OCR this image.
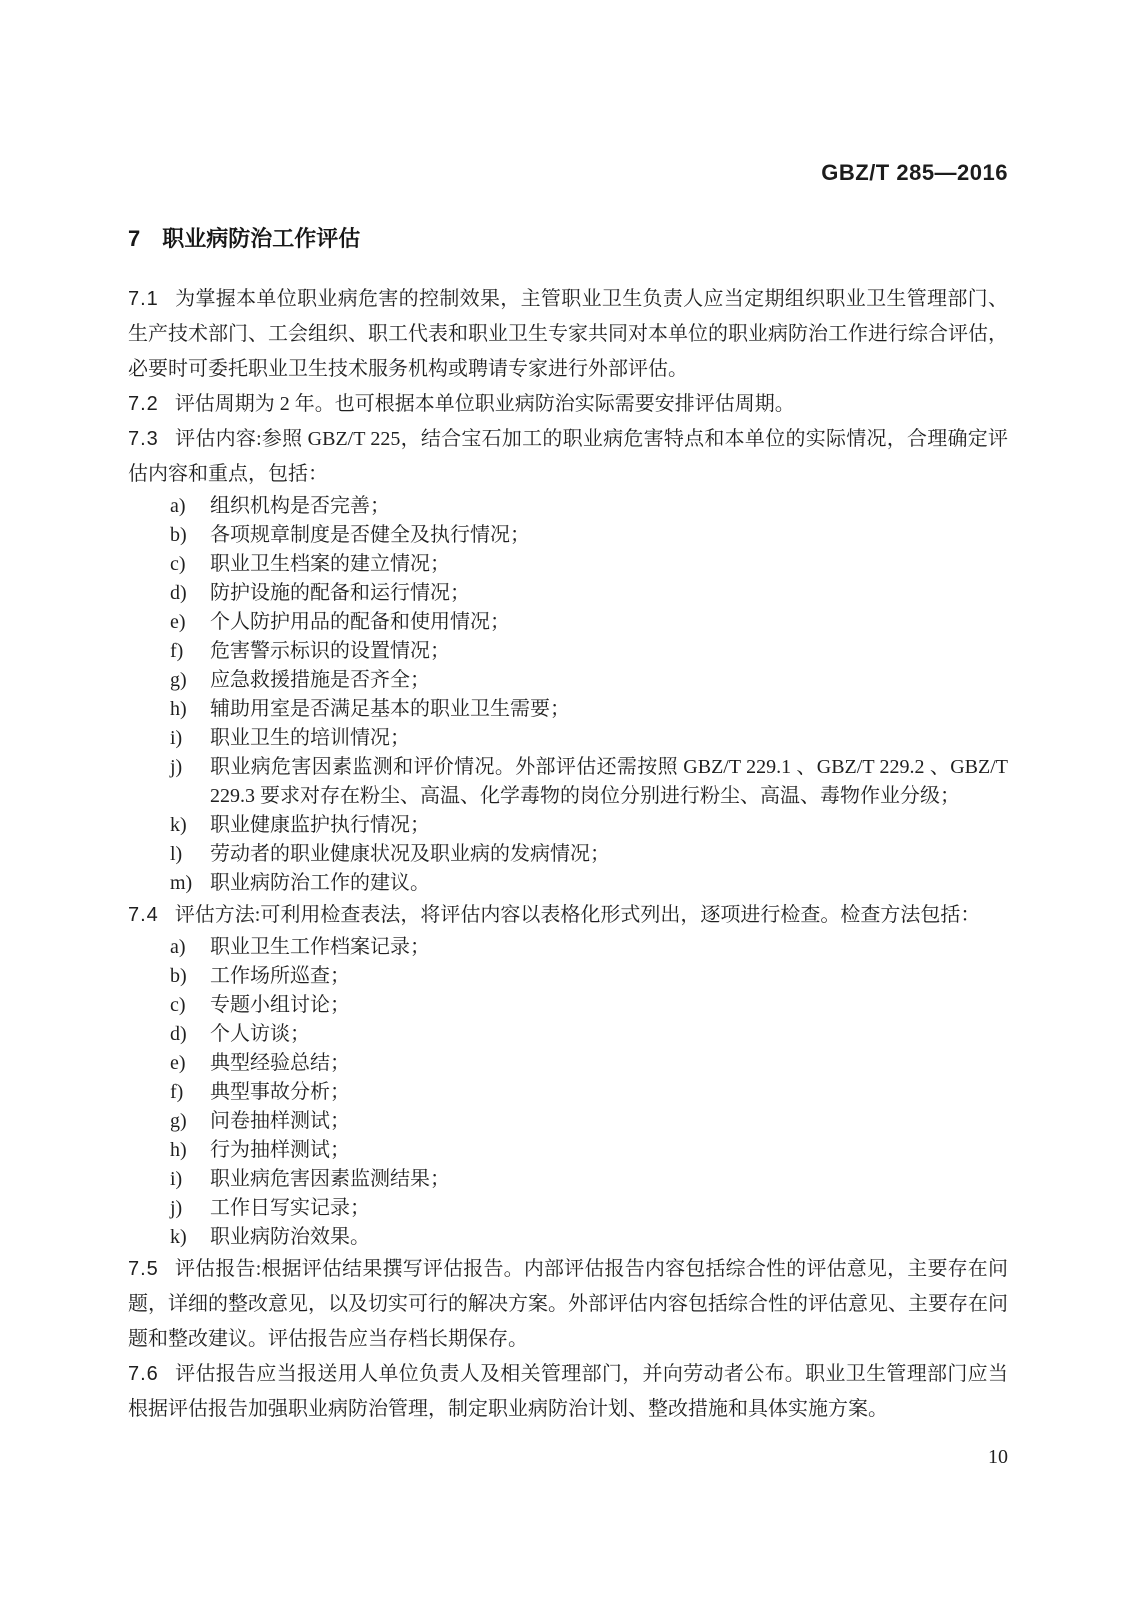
GBZ/T 285—2016
7 职业病防治工作评估

7.1 为掌握本单位职业病危害的控制效果，主管职业卫生负责人应当定期组织职业卫生管理部门、生产技术部门、工会组织、职工代表和职业卫生专家共同对本单位的职业病防治工作进行综合评估，必要时可委托职业卫生技术服务机构或聘请专家进行外部评估。

7.2 评估周期为 2 年。也可根据本单位职业病防治实际需要安排评估周期。

7.3 评估内容:参照 GBZ/T 225，结合宝石加工的职业病危害特点和本单位的实际情况，合理确定评估内容和重点，包括：

a)	组织机构是否完善；
b)	各项规章制度是否健全及执行情况；
c)	职业卫生档案的建立情况；
d)	防护设施的配备和运行情况；
e)	个人防护用品的配备和使用情况；
f)	危害警示标识的设置情况；
g)	应急救援措施是否齐全；
h)	辅助用室是否满足基本的职业卫生需要；
i)	职业卫生的培训情况；
j)	职业病危害因素监测和评价情况。外部评估还需按照 GBZ/T 229.1 、GBZ/T 229.2 、GBZ/T 229.3 要求对存在粉尘、高温、化学毒物的岗位分别进行粉尘、高温、毒物作业分级；
k)	职业健康监护执行情况；
l)	劳动者的职业健康状况及职业病的发病情况；
m) 职业病防治工作的建议。

7.4 评估方法:可利用检查表法，将评估内容以表格化形式列出，逐项进行检查。检查方法包括：

a)	职业卫生工作档案记录；
b)	工作场所巡查；
c)	专题小组讨论；
d)	个人访谈；
e)	典型经验总结；
f)	典型事故分析；
g)	问卷抽样测试；
h)	行为抽样测试；
i)	职业病危害因素监测结果；
j)	工作日写实记录；
k)	职业病防治效果。

7.5 评估报告:根据评估结果撰写评估报告。内部评估报告内容包括综合性的评估意见，主要存在问题，详细的整改意见，以及切实可行的解决方案。外部评估内容包括综合性的评估意见、主要存在问题和整改建议。评估报告应当存档长期保存。

7.6 评估报告应当报送用人单位负责人及相关管理部门，并向劳动者公布。职业卫生管理部门应当根据评估报告加强职业病防治管理，制定职业病防治计划、整改措施和具体实施方案。

10
